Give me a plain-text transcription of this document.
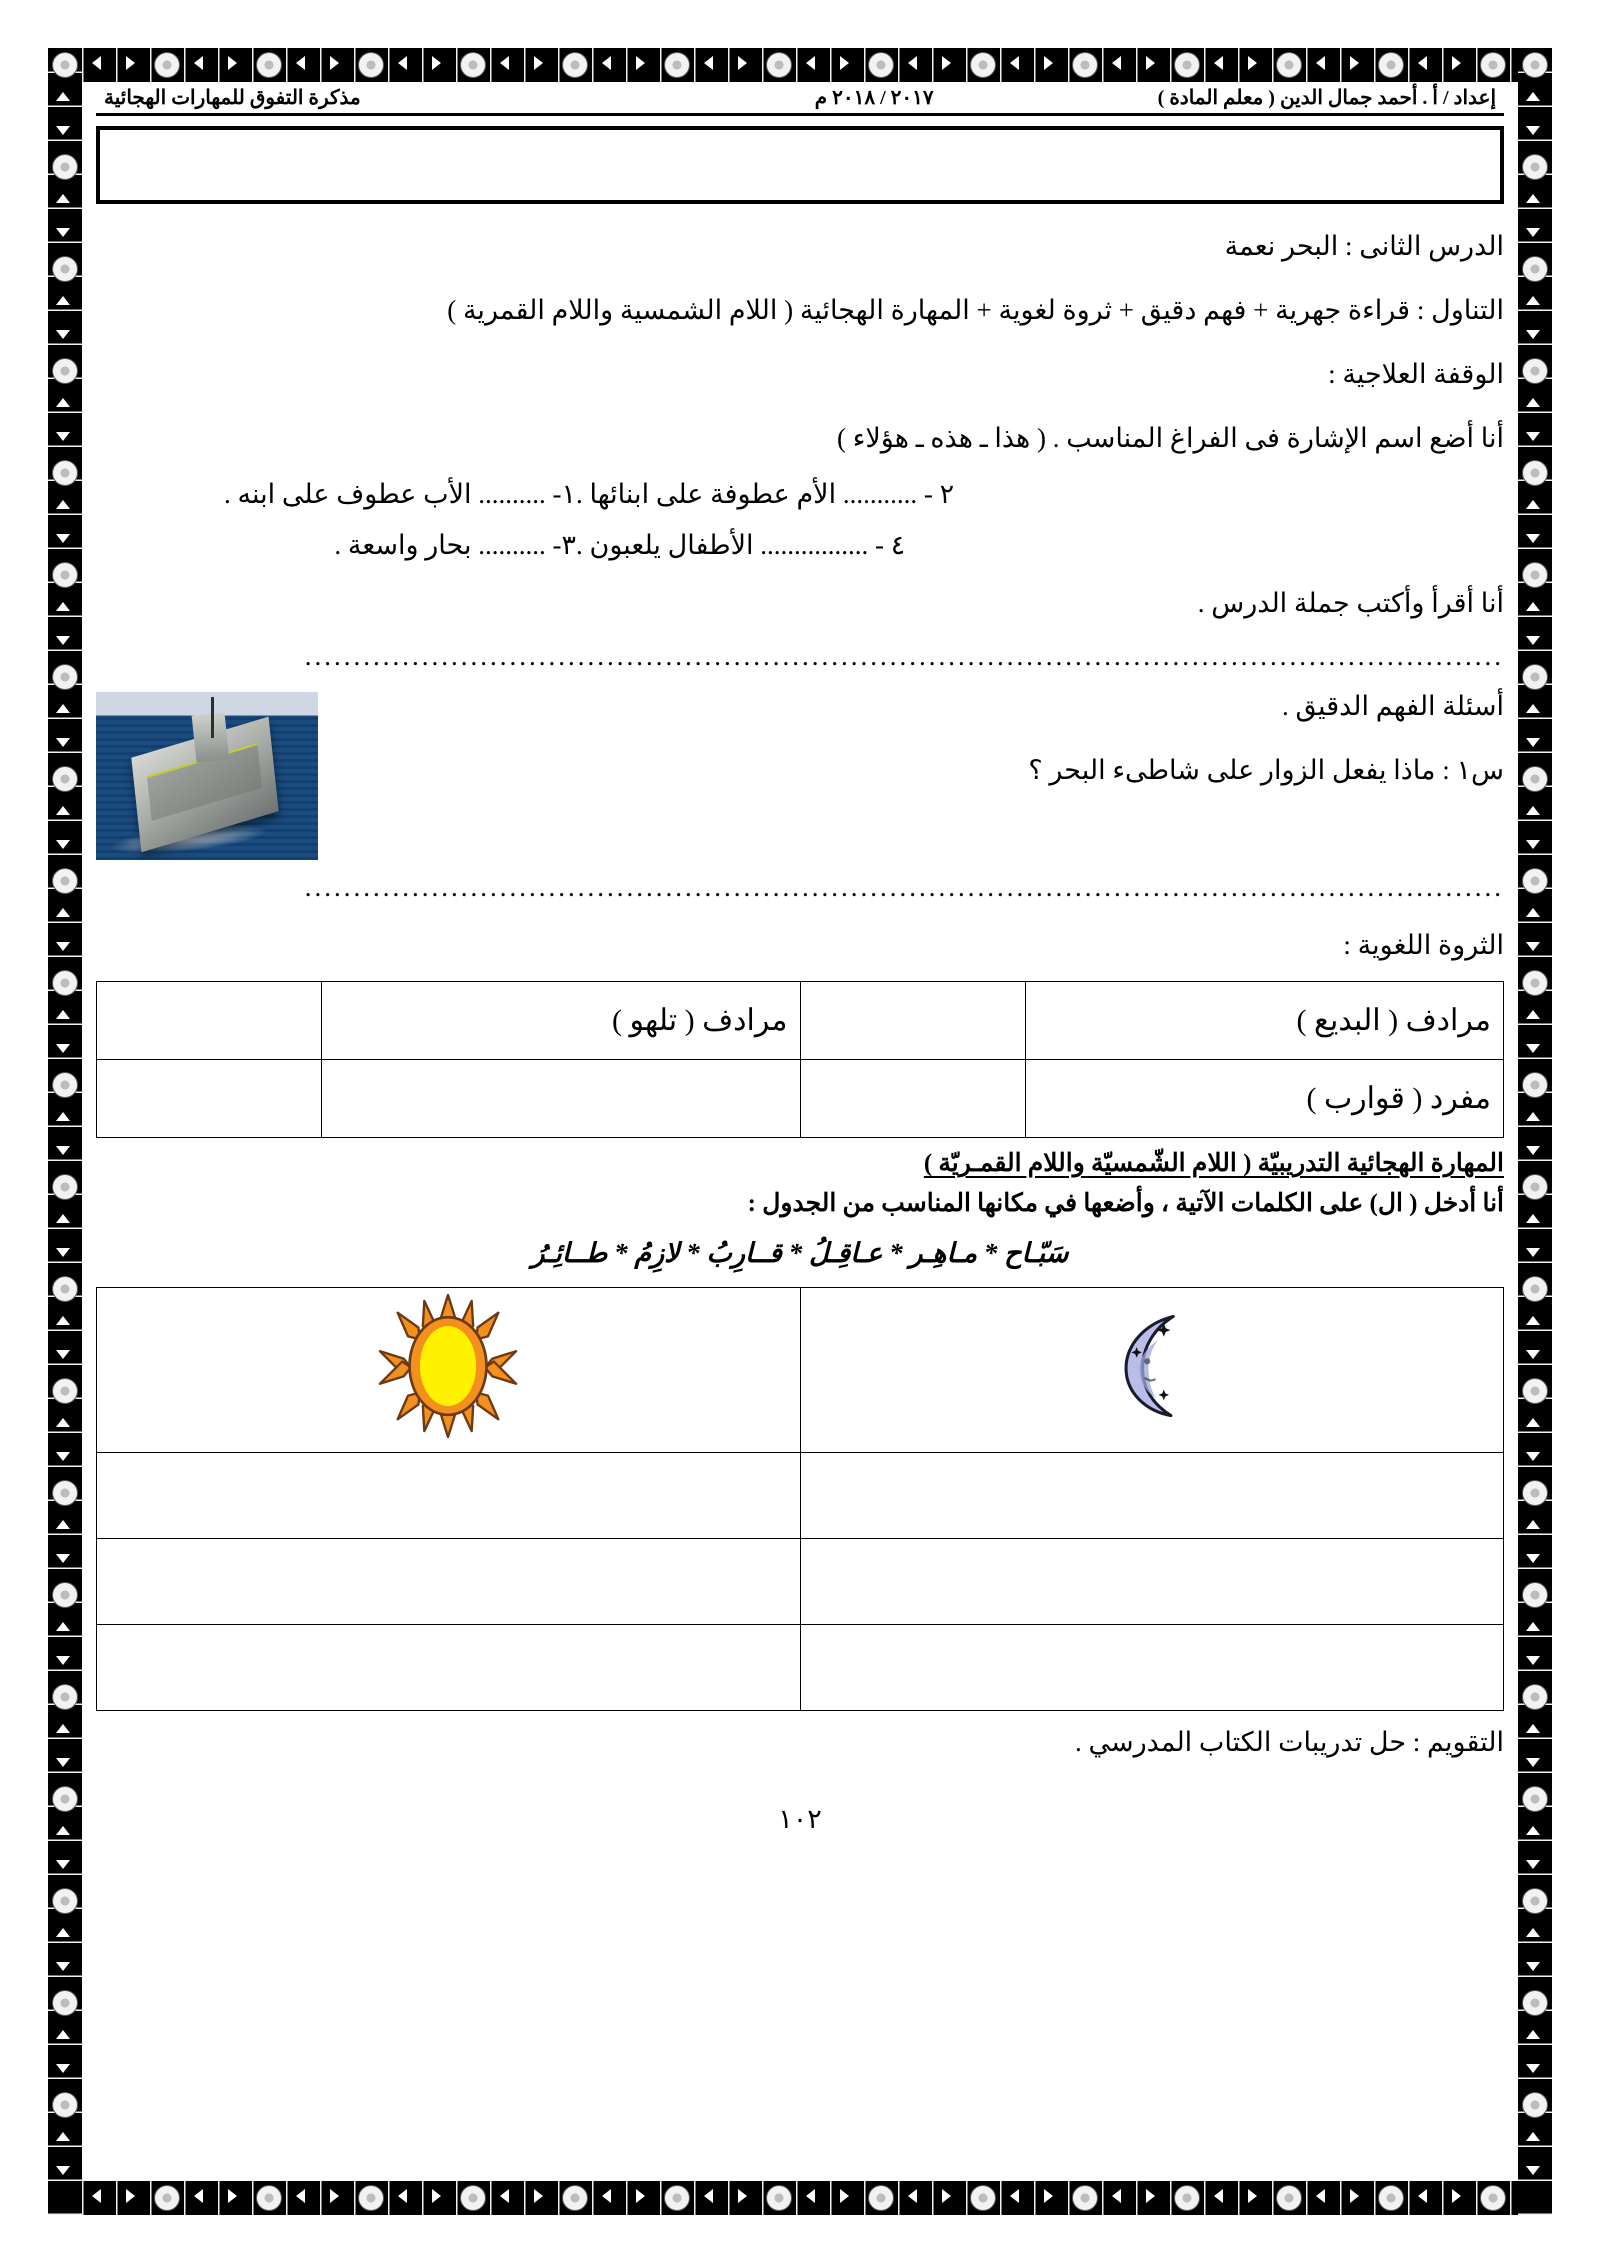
مذكرة التفوق للمهارات الهجائية	٢٠١٧ / ٢٠١٨ م	إعداد / أ . أحمد جمال الدين ( معلم المادة )
الدرس الثانى : البحر نعمة
التناول : قراءة جهرية + فهم دقيق + ثروة لغوية + المهارة الهجائية ( اللام الشمسية واللام القمرية )
الوقفة العلاجية :
أنا أضع اسم الإشارة فى الفراغ المناسب . ( هذا ـ هذه ـ هؤلاء )
١- .......... الأب عطوف على ابنه .	٢ - ........... الأم عطوفة على ابنائها .
٣- .......... بحار واسعة .	٤ - ................ الأطفال يلعبون .
أنا أقرأ وأكتب جملة الدرس .
...........................................................................................................................
أسئلة الفهم الدقيق .
س١ : ماذا يفعل الزوار على شاطىء البحر ؟
...........................................................................................................................
الثروة اللغوية :
مرادف ( البديع )		مرادف ( تلهو )	
مفرد ( قوارب )			
المهارة الهجائية التدريبيّة ( اللام الشّمسيّة واللام القمـريّة )
أنا أدخل ( ال) على الكلمات الآتية ، وأضعها في مكانها المناسب من الجدول :
سَبّـاح * مـاهِـر * عـاقِـلُ * قــارِبُ * لازِمُ * طــائِـرُ

التقويم : حل تدريبات الكتاب المدرسي .
١٠٢
